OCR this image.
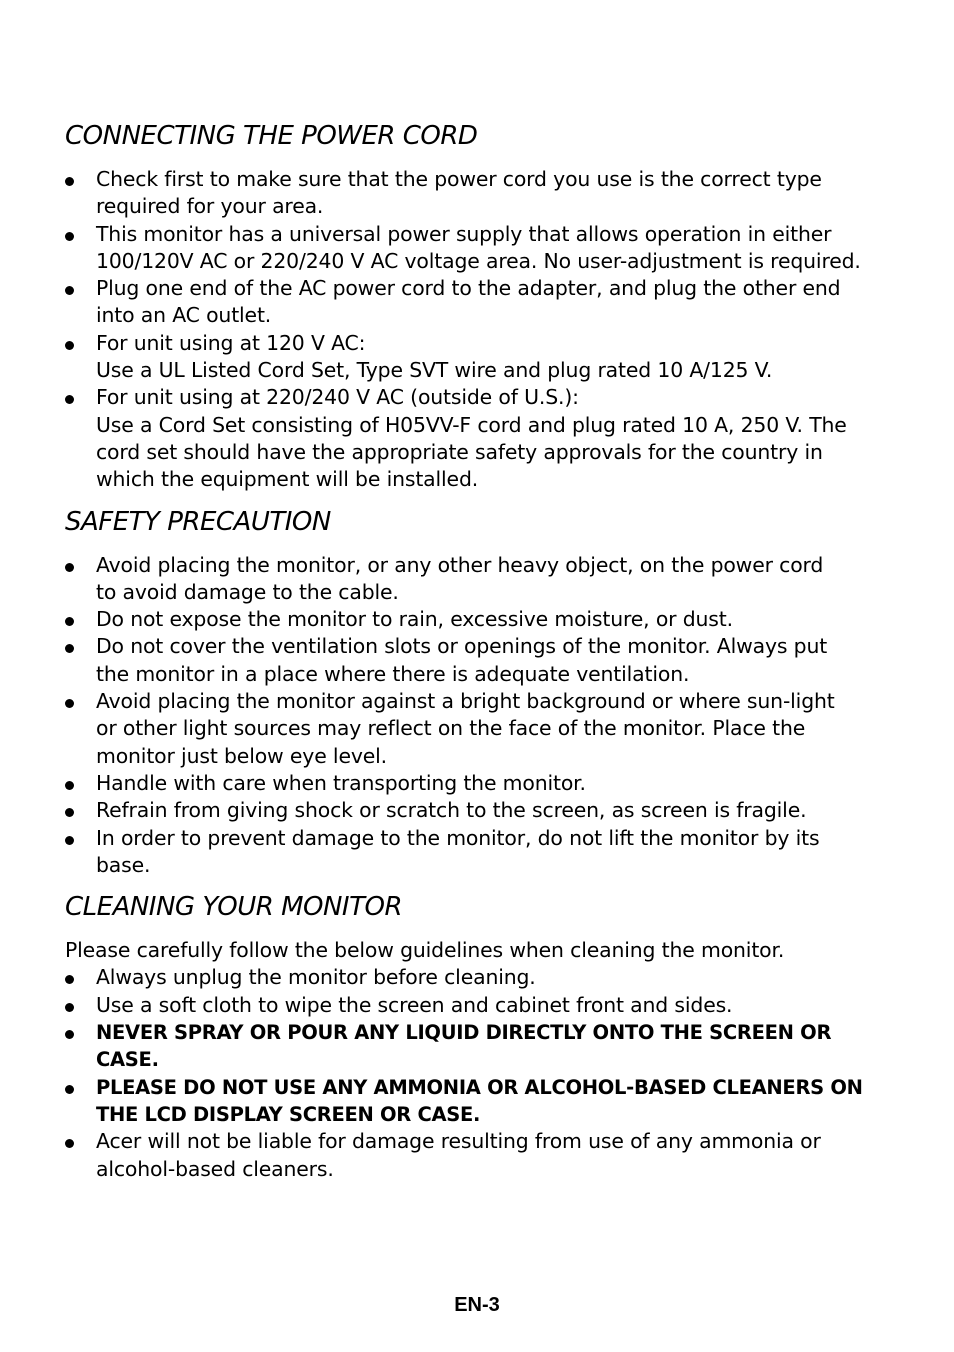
CONNECTING THE POWER CORD
Check first to make sure that the power cord you use is the correct type
required for your area.
This monitor has a universal power supply that allows operation in either
100/120V AC or 220/240 V AC voltage area. No user-adjustment is required.
Plug one end of the AC power cord to the adapter, and plug the other end
into an AC outlet.
For unit using at 120 V AC:
Use a UL Listed Cord Set, Type SVT wire and plug rated 10 A/125 V.
For unit using at 220/240 V AC (outside of U.S.):
Use a Cord Set consisting of H05VV-F cord and plug rated 10 A, 250 V. The
cord set should have the appropriate safety approvals for the country in
which the equipment will be installed.
SAFETY PRECAUTION
Avoid placing the monitor, or any other heavy object, on the power cord
to avoid damage to the cable.
Do not expose the monitor to rain, excessive moisture, or dust.
Do not cover the ventilation slots or openings of the monitor. Always put
the monitor in a place where there is adequate ventilation.
Avoid placing the monitor against a bright background or where sun-light
or other light sources may reflect on the face of the monitor. Place the
monitor just below eye level.
Handle with care when transporting the monitor.
Refrain from giving shock or scratch to the screen, as screen is fragile.
In order to prevent damage to the monitor, do not lift the monitor by its
base.
CLEANING YOUR MONITOR

Please carefully follow the below guidelines when cleaning the monitor.

Always unplug the monitor before cleaning.
Use a soft cloth to wipe the screen and cabinet front and sides.
NEVER SPRAY OR POUR ANY LIQUID DIRECTLY ONTO THE SCREEN OR
CASE.
PLEASE DO NOT USE ANY AMMONIA OR ALCOHOL-BASED CLEANERS ON
THE LCD DISPLAY SCREEN OR CASE.
Acer will not be liable for damage resulting from use of any ammonia or
alcohol-based cleaners.
EN-3
